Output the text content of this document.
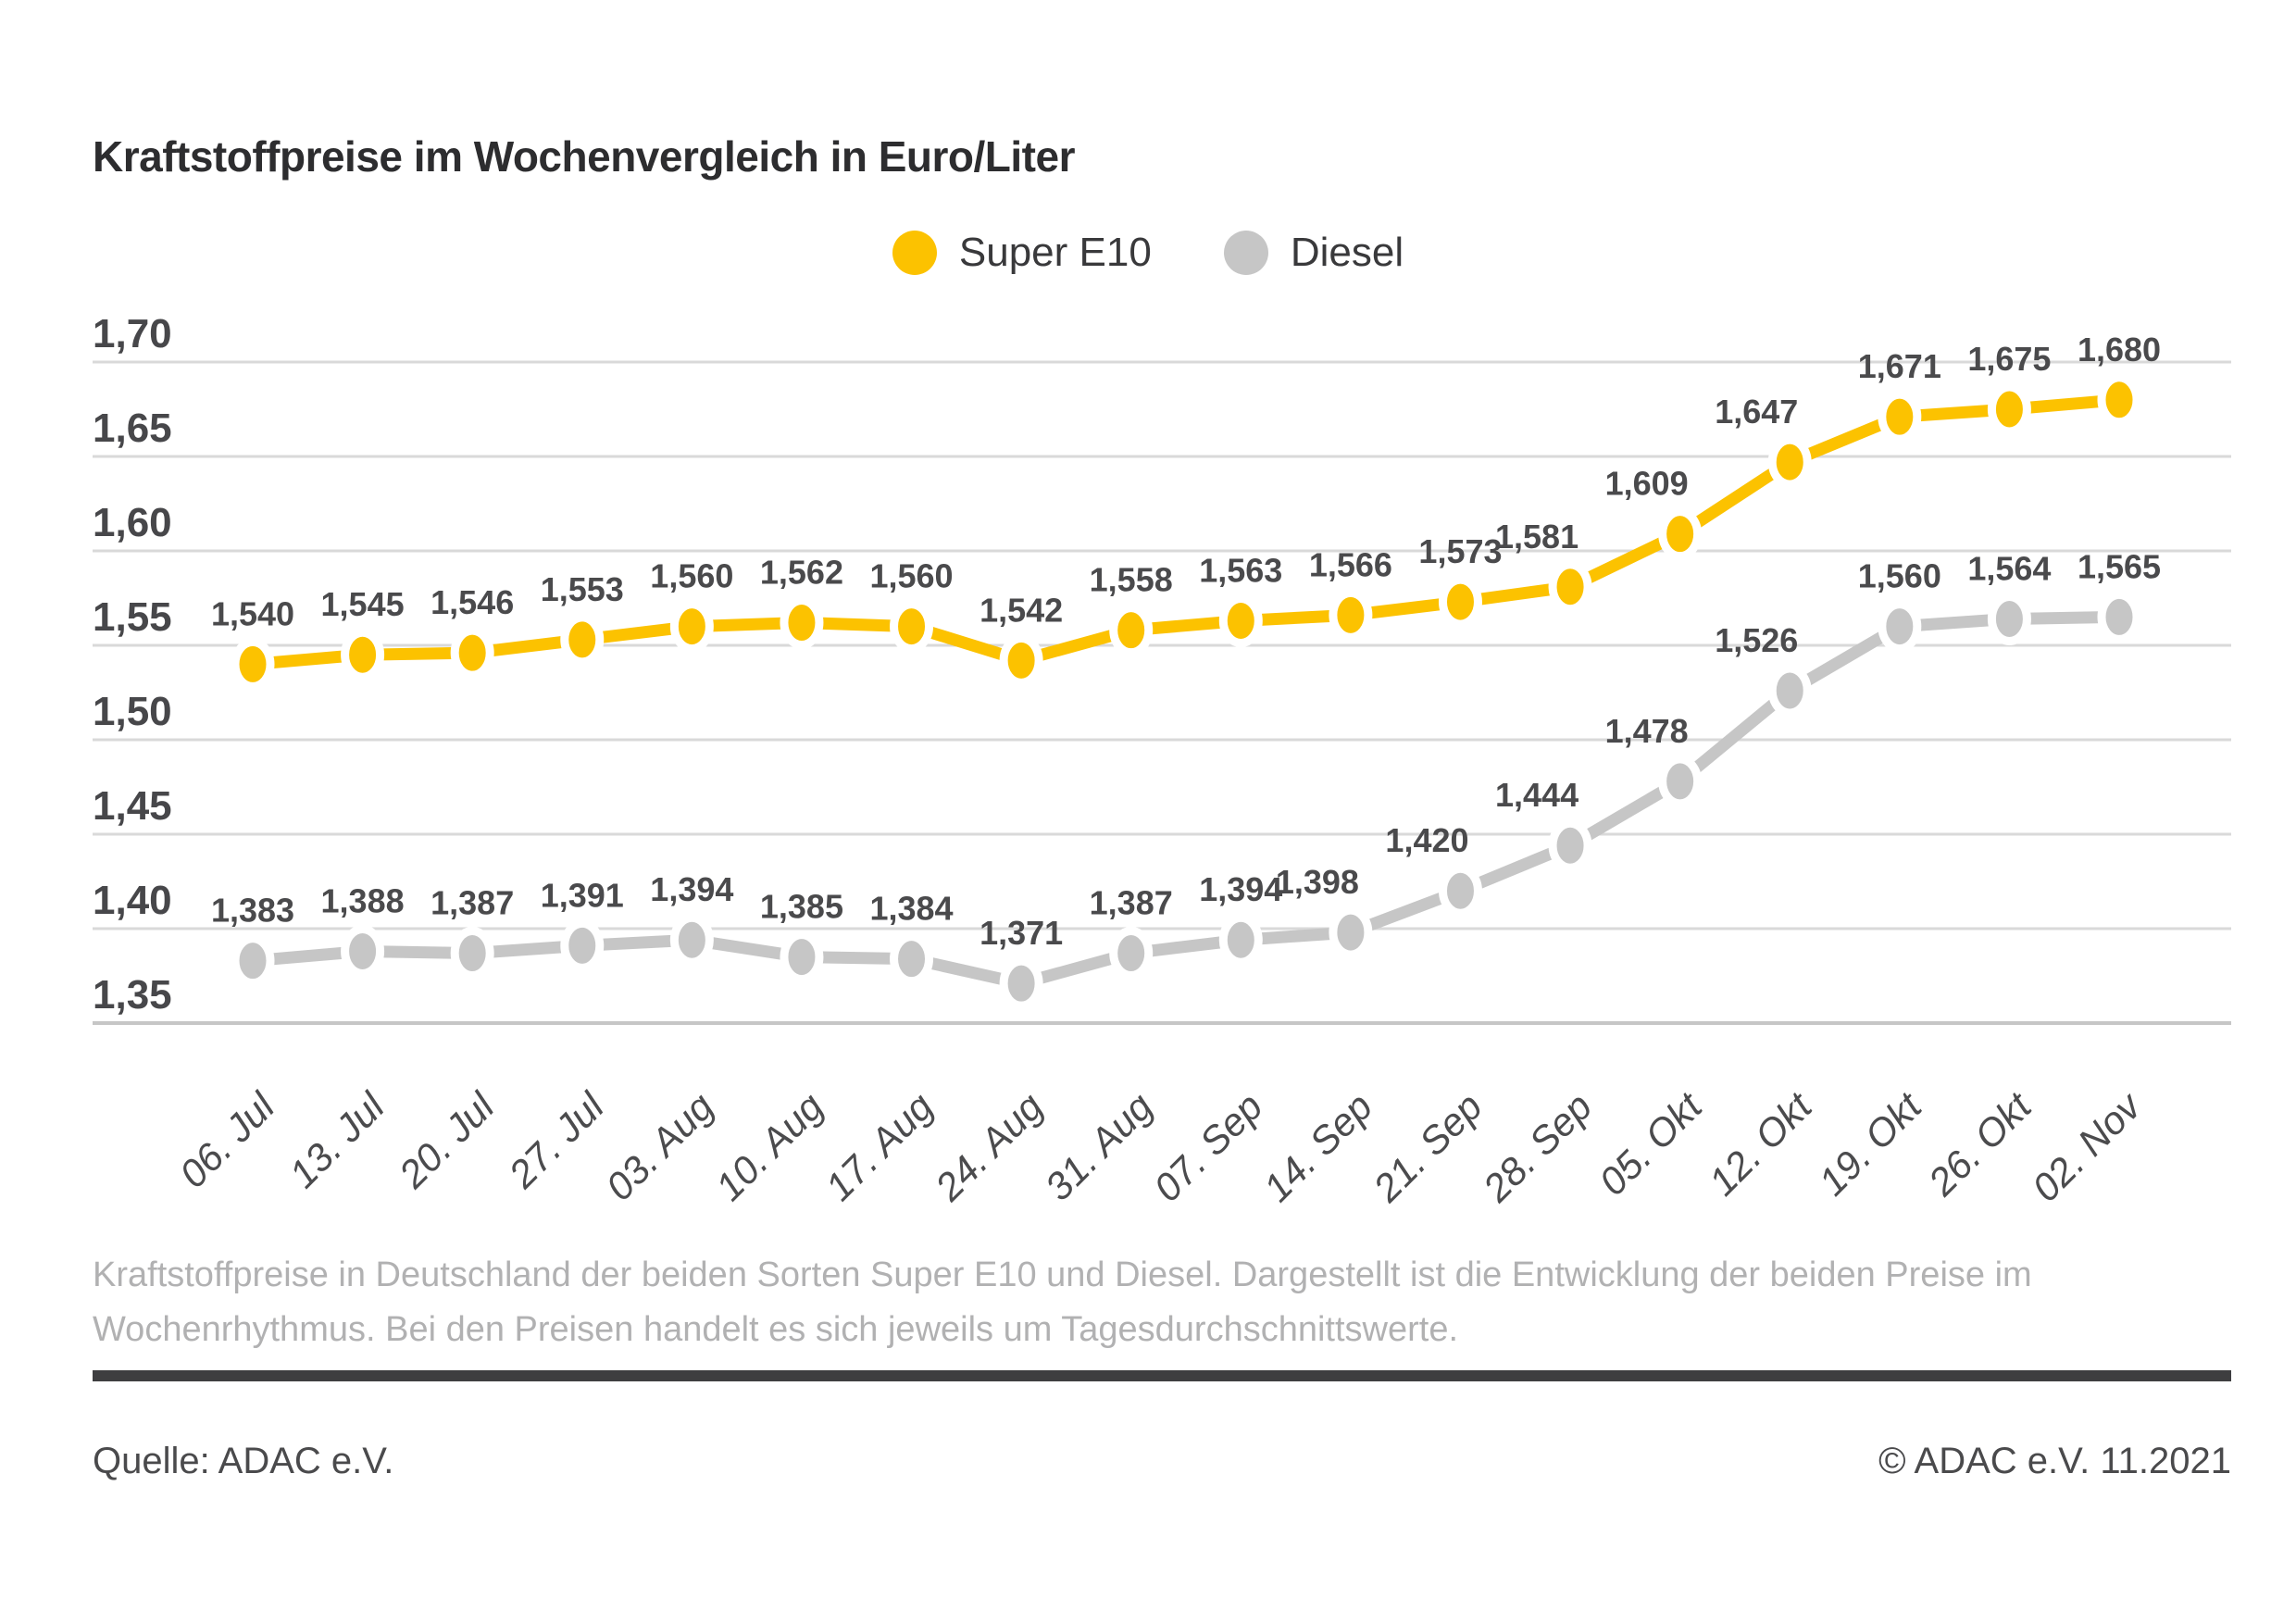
Kraftstoffpreise im Wochenvergleich in Euro/Liter
Super E10	Diesel
1,70
1,65
1,60
1,55
1,50
1,45
1,40
1,35
06. Jul
13. Jul
20. Jul
27. Jul
03. Aug
10. Aug
17. Aug
24. Aug
31. Aug
07. Sep
14. Sep
21. Sep
28. Sep
05. Okt
12. Okt
19. Okt
26. Okt
02. Nov
1,540 1,545 1,546 1,553 1,560 1,562 1,560
1,542
1,558 1,563 1,566 1,573
1,581
1,609
1,647
1,671 1,675 1,680
1,383 1,388 1,387 1,391 1,394 1,385 1,384
1,371
1,387 1,394
1,398
1,420
1,444
1,478
1,526
1,560 1,564 1,565
Kraftstoffpreise in Deutschland der beiden Sorten Super E10 und Diesel. Dargestellt ist die Entwicklung der beiden Preise im
Wochenrhythmus. Bei den Preisen handelt es sich jeweils um Tagesdurchschnittswerte.
Quelle: ADAC e.V.	© ADAC e.V. 11.2021
